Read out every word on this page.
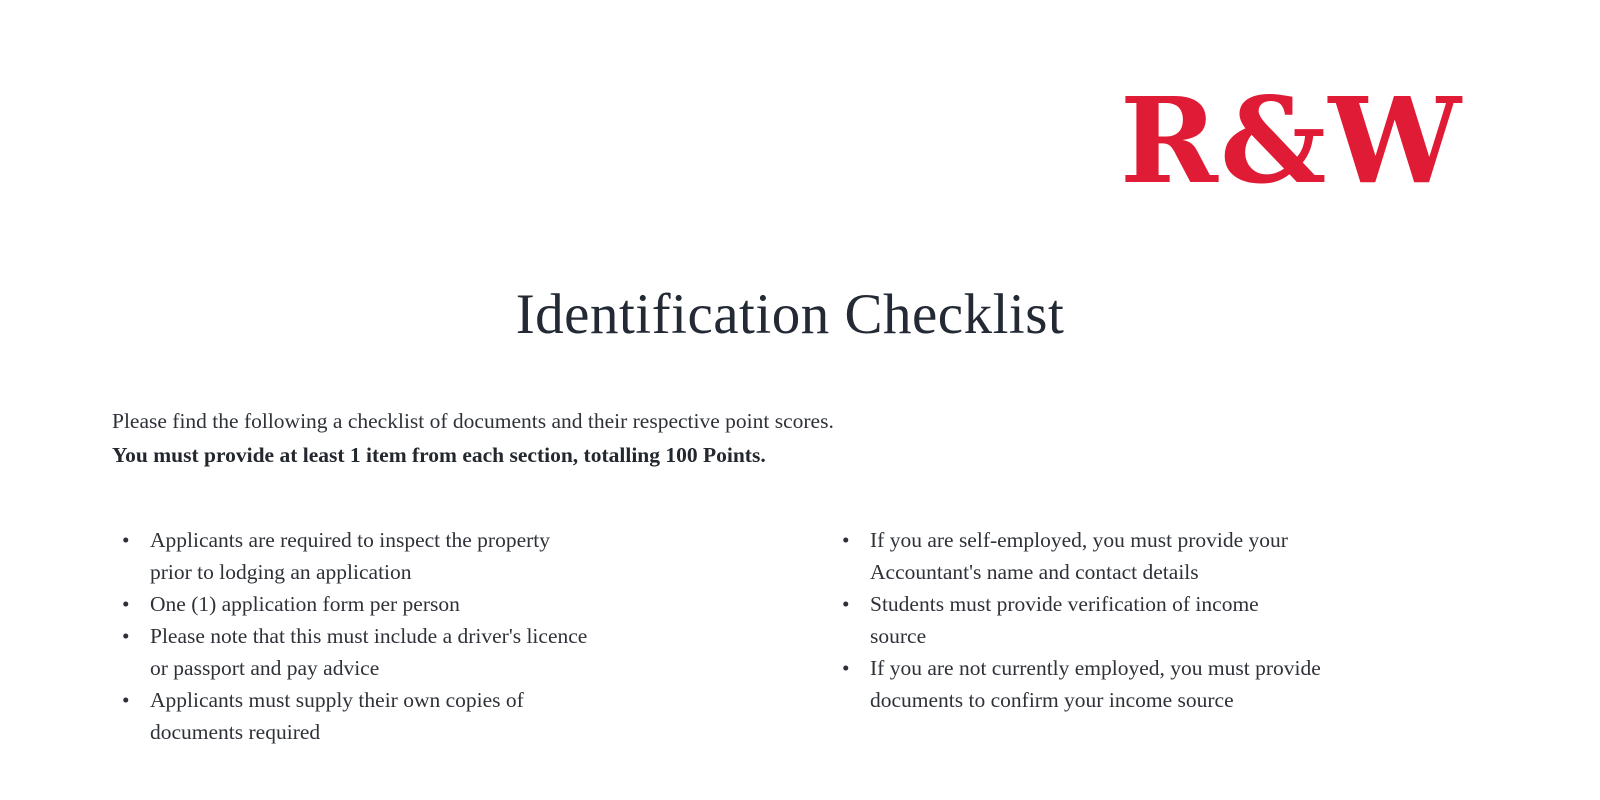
R&W
Identification Checklist
Please find the following a checklist of documents and their respective point scores.
You must provide at least 1 item from each section, totalling 100 Points.
• Applicants are required to inspect the property
prior to lodging an application
• One (1) application form per person
• Please note that this must include a driver's licence
or passport and pay advice
• Applicants must supply their own copies of
documents required
• If you are self-employed, you must provide your
Accountant's name and contact details
• Students must provide verification of income
source
• If you are not currently employed, you must provide
documents to confirm your income source
